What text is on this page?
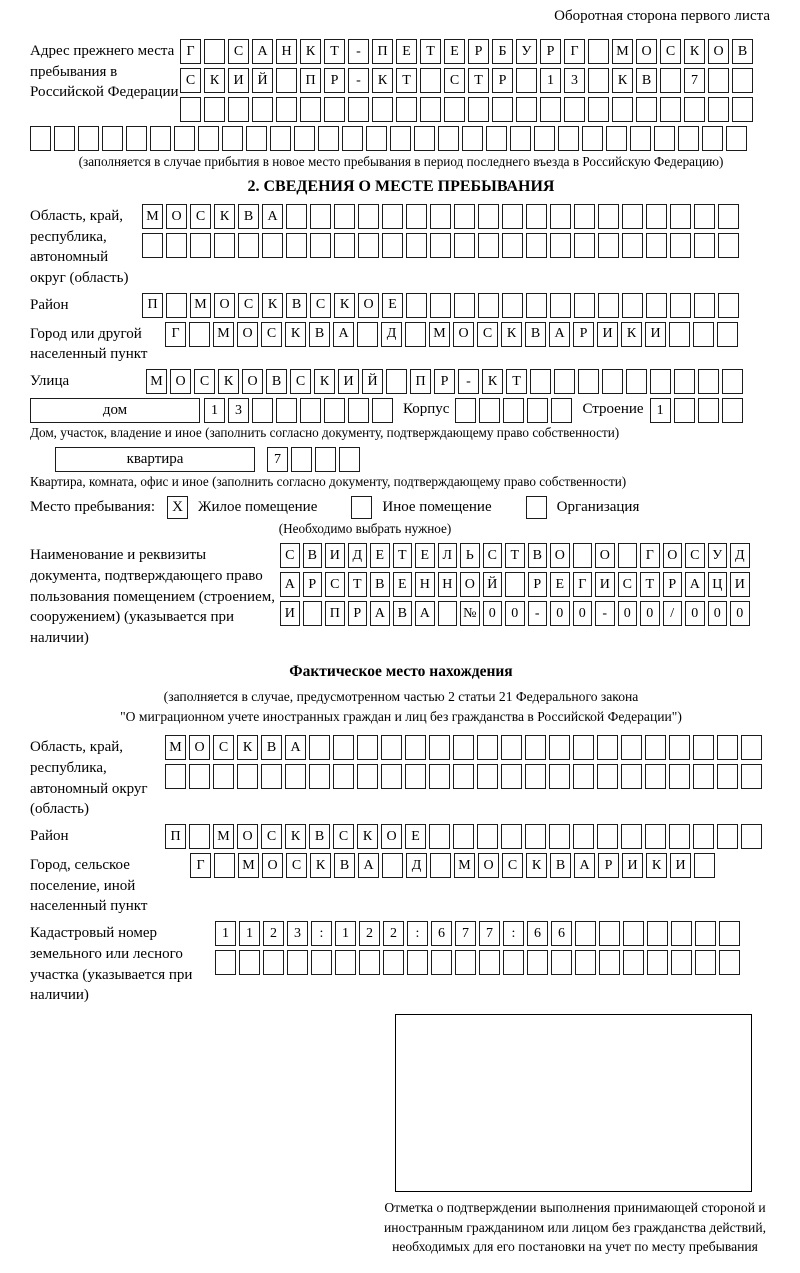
Оборотная сторона первого листа
Адрес прежнего места пребывания в Российской Федерации
Г	С	А Н	К	Т	-	П	Е	Т	Е	Р	Б	У	Р	Г	М О	С	К	О	В
С	К	И Й	П	Р	-	К	Т	С	Т	Р	1	3	К	В	7
(заполняется в случае прибытия в новое место пребывания в период последнего въезда в Российскую Федерацию)
2. СВЕДЕНИЯ О МЕСТЕ ПРЕБЫВАНИЯ
Область, край, республика, автономный округ (область)
М О	С	К	В	А
Район	П	М О	С	К	В	С	К	О	Е
Город или другой населенный пункт
Г	М О	С	К	В	А	Д	М О	С	К	В	А	Р	И	К	И
Улица	М О	С	К	О	В	С	К	И Й	П	Р	-	К	Т
дом	1	3	Корпус	Строение 1
Дом, участок, владение и иное (заполнить согласно документу, подтверждающему право собственности)
квартира	7
Квартира, комната, офис и иное (заполнить согласно документу, подтверждающему право собственности)
Место пребывания:	X	Жилое помещение	Иное помещение	Организация
(Необходимо выбрать нужное)
Наименование и реквизиты документа, подтверждающего право пользования помещением (строением, сооружением) (указывается при наличии)
С В И Д Е Т Е Л Ь С Т В О	О	Г О С У Д
А Р С Т В Е Н Н О Й	Р	Е	Г И С Т	Р А Ц И
И	П Р А В А	№ 0	0	-	0	0	-	0	0	/	0	0	0
Фактическое место нахождения
(заполняется в случае, предусмотренном частью 2 статьи 21 Федерального закона
"О миграционном учете иностранных граждан и лиц без гражданства в Российской Федерации")
Область, край, республика, автономный округ (область)
М О	С	К	В	А
Район	П	М О	С	К	В	С	К	О	Е
Город, сельское поселение, иной населенный пункт
Г	М О	С	К	В	А	Д	М О	С	К	В	А	Р	И	К	И
Кадастровый номер земельного или лесного участка (указывается при наличии)
1	1	2	3	:	1	2	2	:	6	7	7	:	6	6
Отметка о подтверждении выполнения принимающей стороной и иностранным гражданином или лицом без гражданства действий, необходимых для его постановки на учет по месту пребывания
